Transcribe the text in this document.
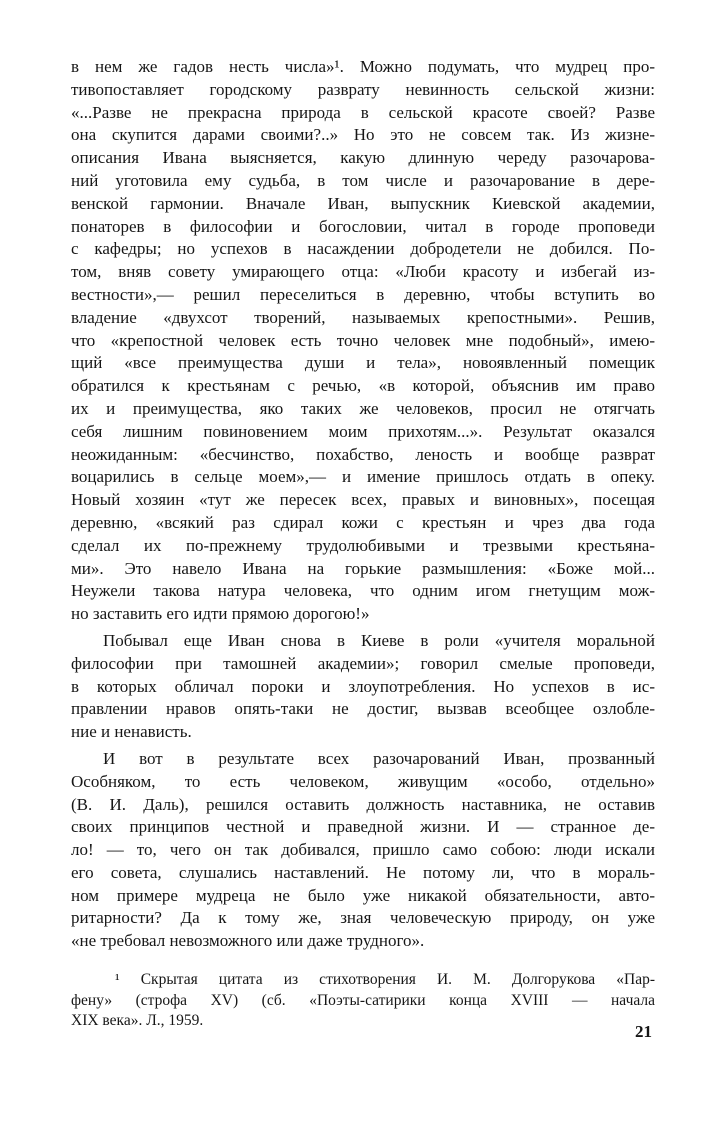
в нем же гадов несть числа»¹. Можно подумать, что мудрец про-
тивопоставляет городскому разврату невинность сельской жизни:
«...Разве не прекрасна природа в сельской красоте своей? Разве
она скупится дарами своими?..» Но это не совсем так. Из жизне-
описания Ивана выясняется, какую длинную череду разочарова-
ний уготовила ему судьба, в том числе и разочарование в дере-
венской гармонии. Вначале Иван, выпускник Киевской академии,
понаторев в философии и богословии, читал в городе проповеди
с кафедры; но успехов в насаждении добродетели не добился. По-
том, вняв совету умирающего отца: «Люби красоту и избегай из-
вестности»,— решил переселиться в деревню, чтобы вступить во
владение «двухсот творений, называемых крепостными». Решив,
что «крепостной человек есть точно человек мне подобный», имею-
щий «все преимущества души и тела», новоявленный помещик
обратился к крестьянам с речью, «в которой, объяснив им право
их и преимущества, яко таких же человеков, просил не отягчать
себя лишним повиновением моим прихотям...». Результат оказался
неожиданным: «бесчинство, похабство, леность и вообще разврат
воцарились в сельце моем»,— и имение пришлось отдать в опеку.
Новый хозяин «тут же пересек всех, правых и виновных», посещая
деревню, «всякий раз сдирал кожи с крестьян и чрез два года
сделал их по-прежнему трудолюбивыми и трезвыми крестьяна-
ми». Это навело Ивана на горькие размышления: «Боже мой...
Неужели такова натура человека, что одним игом гнетущим мож-
но заставить его идти прямою дорогою!»

Побывал еще Иван снова в Киеве в роли «учителя моральной
философии при тамошней академии»; говорил смелые проповеди,
в которых обличал пороки и злоупотребления. Но успехов в ис-
правлении нравов опять-таки не достиг, вызвав всеобщее озлобле-
ние и ненависть.

И вот в результате всех разочарований Иван, прозванный
Особняком, то есть человеком, живущим «особо, отдельно»
(В. И. Даль), решился оставить должность наставника, не оставив
своих принципов честной и праведной жизни. И — странное де-
ло! — то, чего он так добивался, пришло само собою: люди искали
его совета, слушались наставлений. Не потому ли, что в мораль-
ном примере мудреца не было уже никакой обязательности, авто-
ритарности? Да к тому же, зная человеческую природу, он уже
«не требовал невозможного или даже трудного».

¹ Скрытая цитата из стихотворения И. М. Долгорукова «Пар-
фену» (строфа XV) (сб. «Поэты-сатирики конца XVIII — начала
XIX века». Л., 1959.
21
